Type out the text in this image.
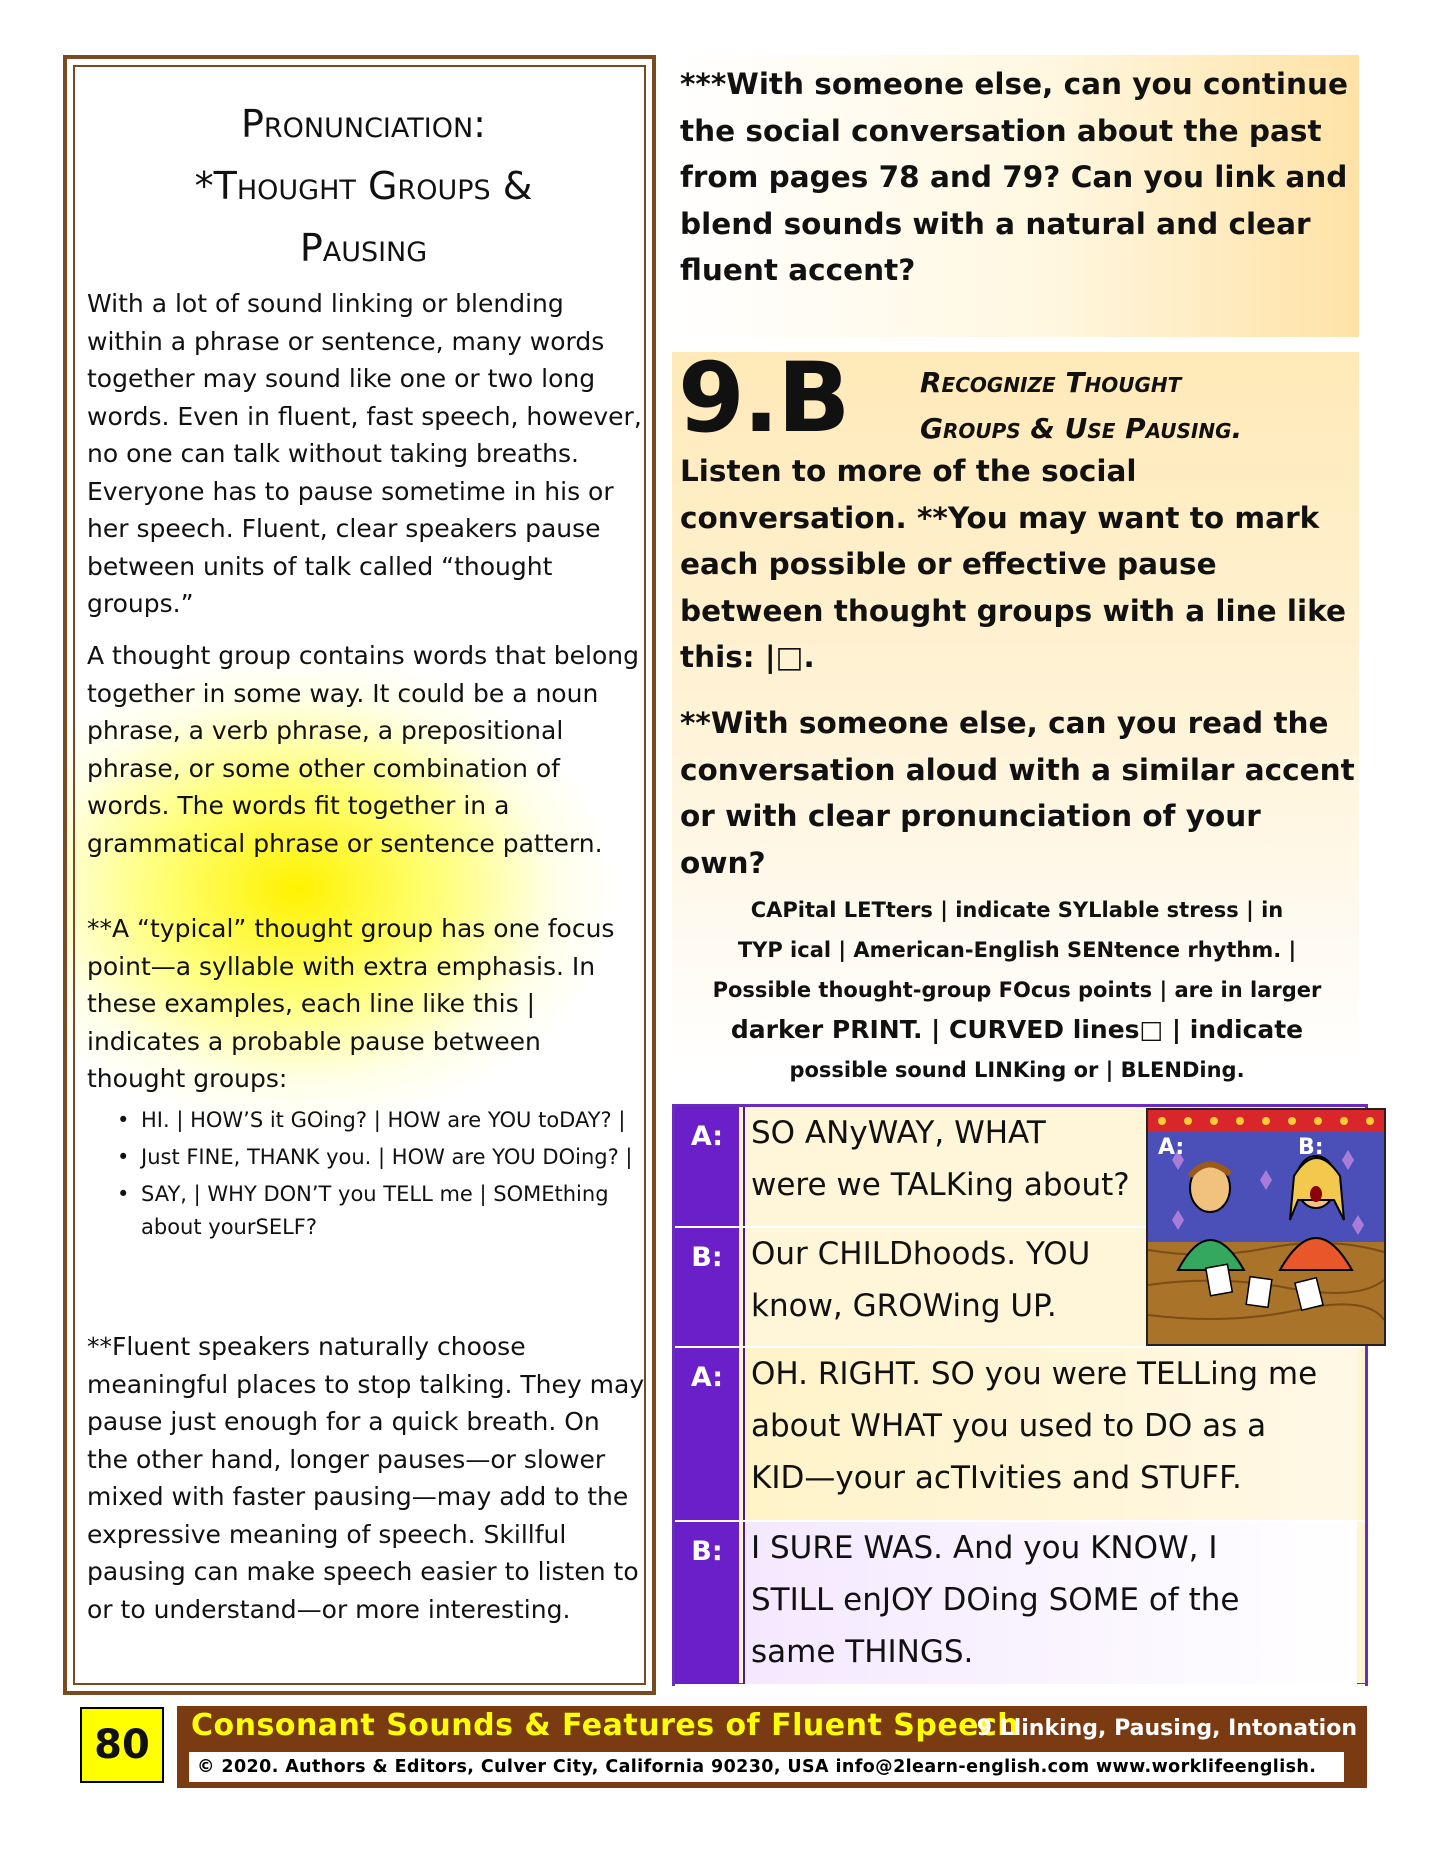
Pronunciation:
*Thought Groups &
Pausing

With a lot of sound linking or blending within a phrase or sentence, many words together may sound like one or two long words. Even in fluent, fast speech, however, no one can talk without taking breaths. Everyone has to pause sometime in his or her speech. Fluent, clear speakers pause between units of talk called “thought groups.”

A thought group contains words that belong together in some way. It could be a noun phrase, a verb phrase, a prepositional phrase, or some other combination of words. The words fit together in a grammatical phrase or sentence pattern.

**A “typical” thought group has one focus point—a syllable with extra emphasis. In these examples, each line like this | indicates a probable pause between thought groups:

• HI. | HOW’S it GOing? | HOW are YOU toDAY? |
• Just FINE, THANK you. | HOW are YOU DOing? |
• SAY, | WHY DON’T you TELL me | SOMEthing about yourSELF?

**Fluent speakers naturally choose meaningful places to stop talking. They may pause just enough for a quick breath. On the other hand, longer pauses—or slower mixed with faster pausing—may add to the expressive meaning of speech. Skillful pausing can make speech easier to listen to or to understand—or more interesting.

***With someone else, can you continue the social conversation about the past from pages 78 and 79? Can you link and blend sounds with a natural and clear fluent accent?

9.B	Recognize Thought
Groups & Use Pausing.

Listen to more of the social conversation. **You may want to mark each possible or effective pause between thought groups with a line like this: |□.

**With someone else, can you read the conversation aloud with a similar accent or with clear pronunciation of your own?

CAPital LETters | indicate SYLlable stress | in
TYP ical | American-English SENtence rhythm. |
Possible thought-group FOcus points | are in larger
darker PRINT. | CURVED lines□ | indicate
possible sound LINKing or | BLENDing.
A: SO ANyWAY, WHAT
were we TALKing about?
B: Our CHILDhoods. YOU
know, GROWing UP.
A: OH. RIGHT. SO you were TELLing me
about WHAT you used to DO as a
KID—your acTIvities and STUFF.
B: I SURE WAS. And you KNOW, I
STILL enJOY DOing SOME of the
same THINGS.
A:	B:
80	Consonant Sounds & Features of Fluent Speech
9 Llinking, Pausing, Intonation
© 2020. Authors & Editors, Culver City, California 90230, USA info@2learn-english.com www.worklifeenglish.
